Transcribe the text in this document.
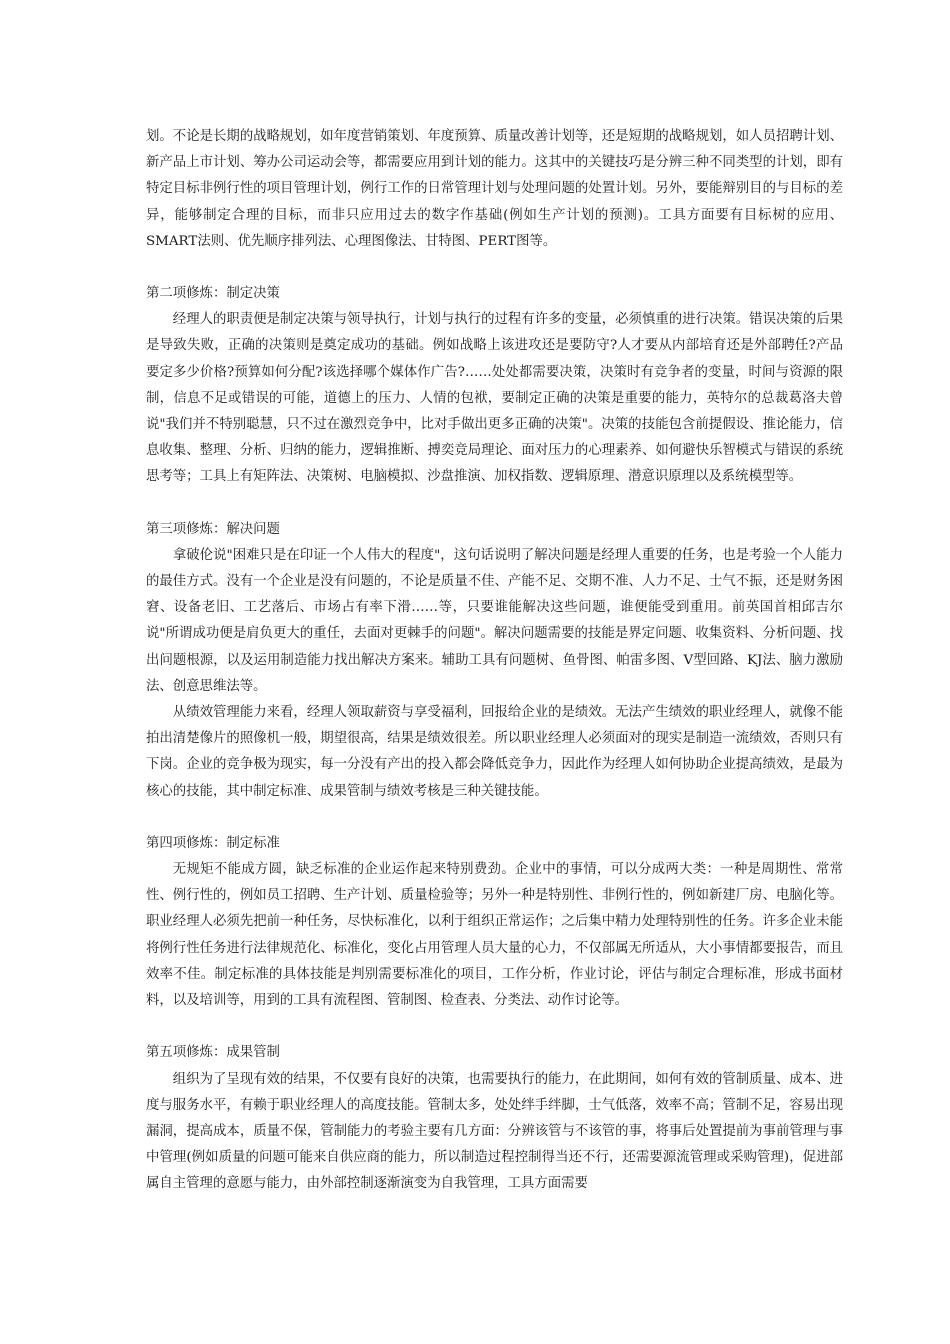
划。不论是长期的战略规划，如年度营销策划、年度预算、质量改善计划等，还是短期的战略规划，如人员招聘计划、新产品上市计划、筹办公司运动会等，都需要应用到计划的能力。这其中的关键技巧是分辨三种不同类型的计划，即有特定目标非例行性的项目管理计划，例行工作的日常管理计划与处理问题的处置计划。另外，要能辩别目的与目标的差异，能够制定合理的目标，而非只应用过去的数字作基础(例如生产计划的预测)。工具方面要有目标树的应用、SMART法则、优先顺序排列法、心理图像法、甘特图、PERT图等。

第二项修炼：制定决策

经理人的职责便是制定决策与领导执行，计划与执行的过程有许多的变量，必须慎重的进行决策。错误决策的后果是导致失败，正确的决策则是奠定成功的基础。例如战略上该进攻还是要防守?人才要从内部培育还是外部聘任?产品要定多少价格?预算如何分配?该选择哪个媒体作广告?……处处都需要决策，决策时有竞争者的变量，时间与资源的限制，信息不足或错误的可能，道德上的压力、人情的包袱，要制定正确的决策是重要的能力，英特尔的总裁葛洛夫曾说"我们并不特别聪慧，只不过在激烈竞争中，比对手做出更多正确的决策"。决策的技能包含前提假设、推论能力，信息收集、整理、分析、归纳的能力，逻辑推断、搏奕竞局理论、面对压力的心理素养、如何避快乐智模式与错误的系统思考等；工具上有矩阵法、决策树、电脑模拟、沙盘推演、加权指数、逻辑原理、潜意识原理以及系统模型等。

第三项修炼：解决问题

拿破伦说"困难只是在印证一个人伟大的程度"，这句话说明了解决问题是经理人重要的任务，也是考验一个人能力的最佳方式。没有一个企业是没有问题的，不论是质量不佳、产能不足、交期不准、人力不足、士气不振，还是财务困窘、设备老旧、工艺落后、市场占有率下滑……等，只要谁能解决这些问题，谁便能受到重用。前英国首相邱吉尔说"所谓成功便是肩负更大的重任，去面对更棘手的问题"。解决问题需要的技能是界定问题、收集资料、分析问题、找出问题根源，以及运用制造能力找出解决方案来。辅助工具有问题树、鱼骨图、帕雷多图、V型回路、KJ法、脑力激励法、创意思维法等。

从绩效管理能力来看，经理人领取薪资与享受福利，回报给企业的是绩效。无法产生绩效的职业经理人，就像不能拍出清楚像片的照像机一般，期望很高，结果是绩效很差。所以职业经理人必须面对的现实是制造一流绩效，否则只有下岗。企业的竞争极为现实，每一分没有产出的投入都会降低竞争力，因此作为经理人如何协助企业提高绩效，是最为核心的技能，其中制定标准、成果管制与绩效考核是三种关键技能。

第四项修炼：制定标准

无规矩不能成方圆，缺乏标准的企业运作起来特别费劲。企业中的事情，可以分成两大类：一种是周期性、常常性、例行性的，例如员工招聘、生产计划、质量检验等；另外一种是特别性、非例行性的，例如新建厂房、电脑化等。职业经理人必须先把前一种任务，尽快标准化，以利于组织正常运作；之后集中精力处理特别性的任务。许多企业未能将例行性任务进行法律规范化、标准化，变化占用管理人员大量的心力，不仅部属无所适从，大小事情都要报告，而且效率不佳。制定标准的具体技能是判别需要标准化的项目，工作分析，作业讨论，评估与制定合理标准，形成书面材料，以及培训等，用到的工具有流程图、管制图、检查表、分类法、动作讨论等。

第五项修炼：成果管制

组织为了呈现有效的结果，不仅要有良好的决策，也需要执行的能力，在此期间，如何有效的管制质量、成本、进度与服务水平，有赖于职业经理人的高度技能。管制太多，处处绊手绊脚，士气低落，效率不高；管制不足，容易出现漏洞，提高成本，质量不保，管制能力的考验主要有几方面：分辨该管与不该管的事，将事后处置提前为事前管理与事中管理(例如质量的问题可能来自供应商的能力，所以制造过程控制得当还不行，还需要源流管理或采购管理)，促进部属自主管理的意愿与能力，由外部控制逐渐演变为自我管理，工具方面需要
